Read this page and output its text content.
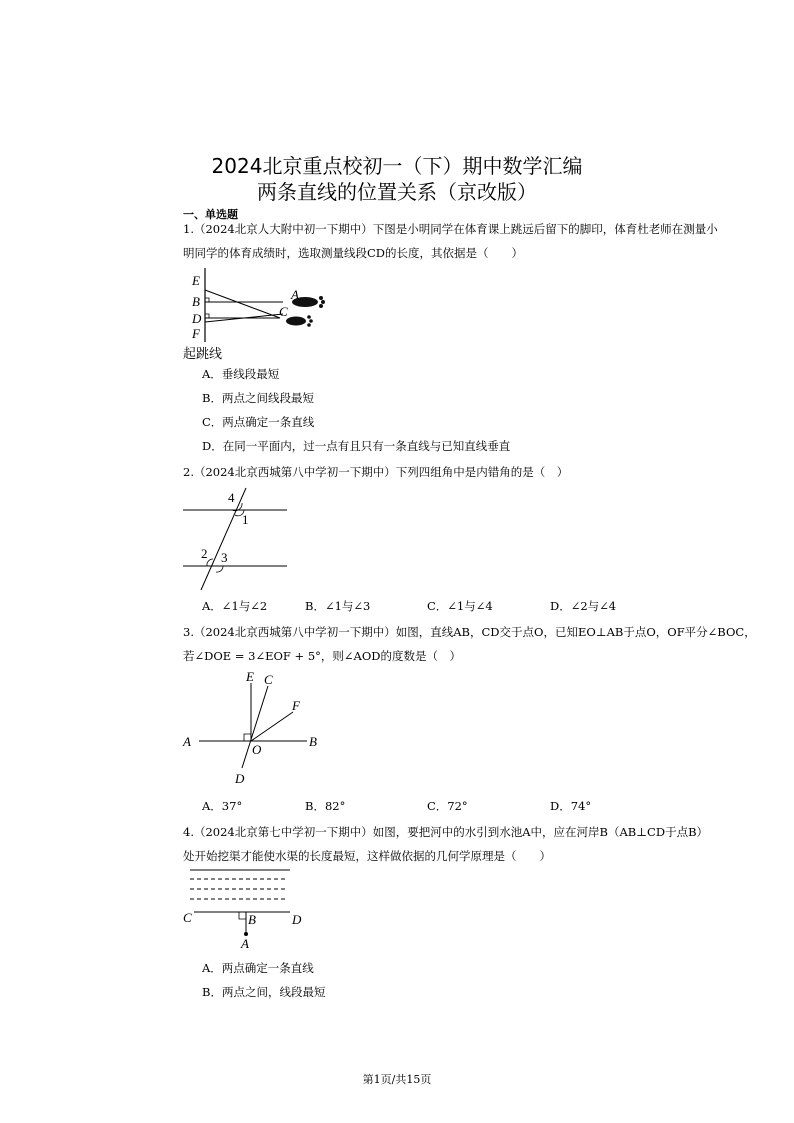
2024北京重点校初一（下）期中数学汇编
两条直线的位置关系（京改版）
一、单选题
1.（2024北京人大附中初一下期中）下图是小明同学在体育课上跳远后留下的脚印，体育杜老师在测量小
明同学的体育成绩时，选取测量线段CD的长度，其依据是（　　）
E
B
D
F
A
C
起跳线
A．垂线段最短
B．两点之间线段最短
C．两点确定一条直线
D．在同一平面内，过一点有且只有一条直线与已知直线垂直
2.（2024北京西城第八中学初一下期中）下列四组角中是内错角的是（　）
4
1
2 3
A．∠1与∠2	B．∠1与∠3	C．∠1与∠4	D．∠2与∠4
3.（2024北京西城第八中学初一下期中）如图，直线AB，CD交于点O，已知EO⊥AB于点O，OF平分∠BOC，
若∠DOE = 3∠EOF + 5°，则∠AOD的度数是（　）
E C
F
A
O
B
D
A．37°	B．82°	C．72°	D．74°
4.（2024北京第七中学初一下期中）如图，要把河中的水引到水池A中，应在河岸B（AB⊥CD于点B）
处开始挖渠才能使水渠的长度最短，这样做依据的几何学原理是（　　）
C	B	D
A
A．两点确定一条直线
B．两点之间，线段最短
第1页/共15页
